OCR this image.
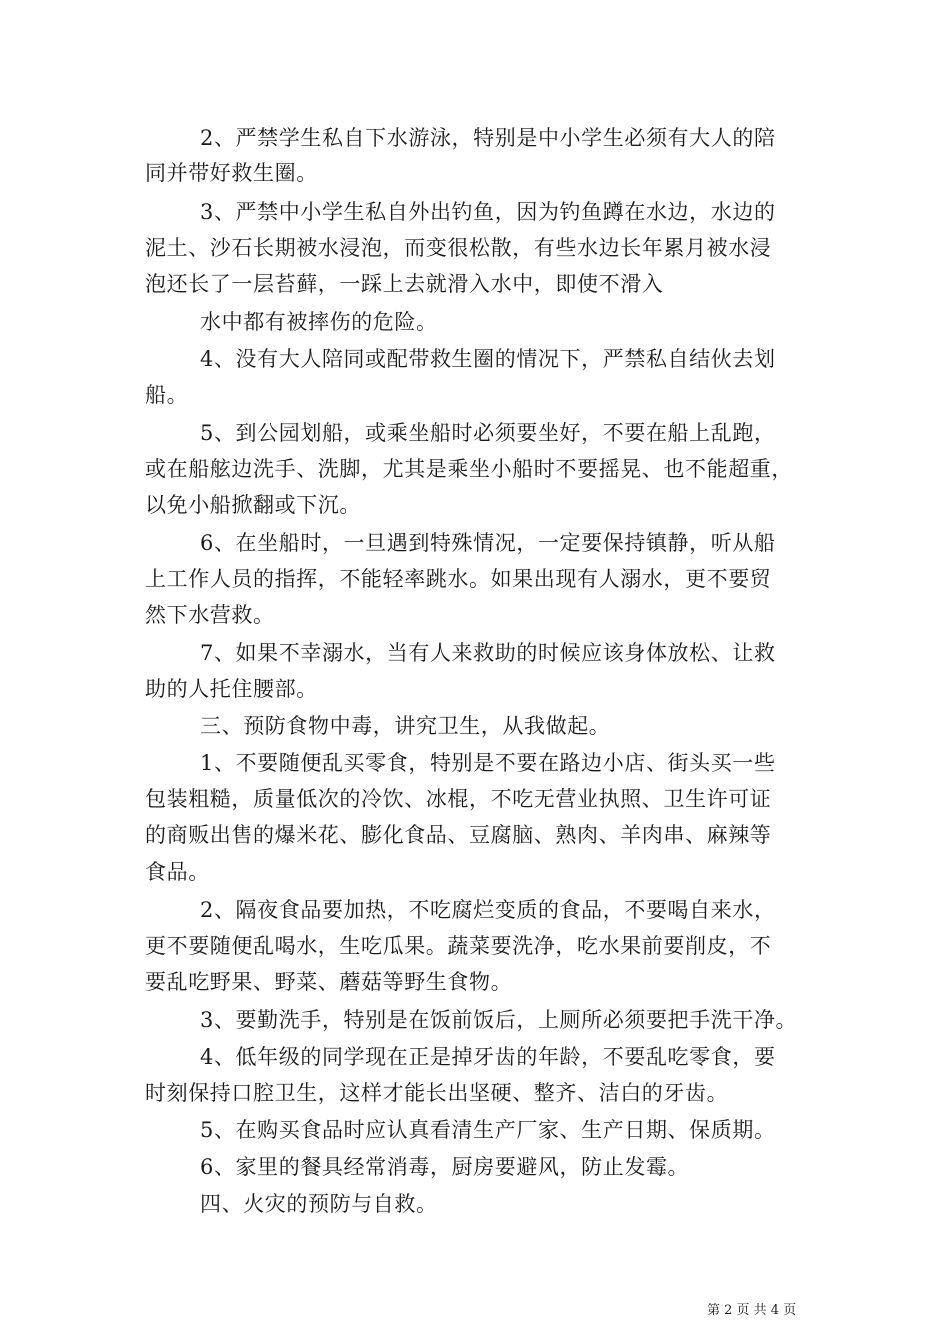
2、严禁学生私自下水游泳，特别是中小学生必须有大人的陪
同并带好救生圈。
3、严禁中小学生私自外出钓鱼，因为钓鱼蹲在水边，水边的
泥土、沙石长期被水浸泡，而变很松散，有些水边长年累月被水浸
泡还长了一层苔藓，一踩上去就滑入水中，即使不滑入
水中都有被摔伤的危险。
4、没有大人陪同或配带救生圈的情况下，严禁私自结伙去划
船。
5、到公园划船，或乘坐船时必须要坐好，不要在船上乱跑，
或在船舷边洗手、洗脚，尤其是乘坐小船时不要摇晃、也不能超重，
以免小船掀翻或下沉。
6、在坐船时，一旦遇到特殊情况，一定要保持镇静，听从船
上工作人员的指挥，不能轻率跳水。如果出现有人溺水，更不要贸
然下水营救。
7、如果不幸溺水，当有人来救助的时候应该身体放松、让救
助的人托住腰部。
三、预防食物中毒，讲究卫生，从我做起。
1、不要随便乱买零食，特别是不要在路边小店、街头买一些
包装粗糙，质量低次的冷饮、冰棍，不吃无营业执照、卫生许可证
的商贩出售的爆米花、膨化食品、豆腐脑、熟肉、羊肉串、麻辣等
食品。
2、隔夜食品要加热，不吃腐烂变质的食品，不要喝自来水，
更不要随便乱喝水，生吃瓜果。蔬菜要洗净，吃水果前要削皮，不
要乱吃野果、野菜、蘑菇等野生食物。
3、要勤洗手，特别是在饭前饭后，上厕所必须要把手洗干净。
4、低年级的同学现在正是掉牙齿的年龄，不要乱吃零食，要
时刻保持口腔卫生，这样才能长出坚硬、整齐、洁白的牙齿。
5、在购买食品时应认真看清生产厂家、生产日期、保质期。
6、家里的餐具经常消毒，厨房要避风，防止发霉。
四、火灾的预防与自救。
第 2 页 共 4 页
